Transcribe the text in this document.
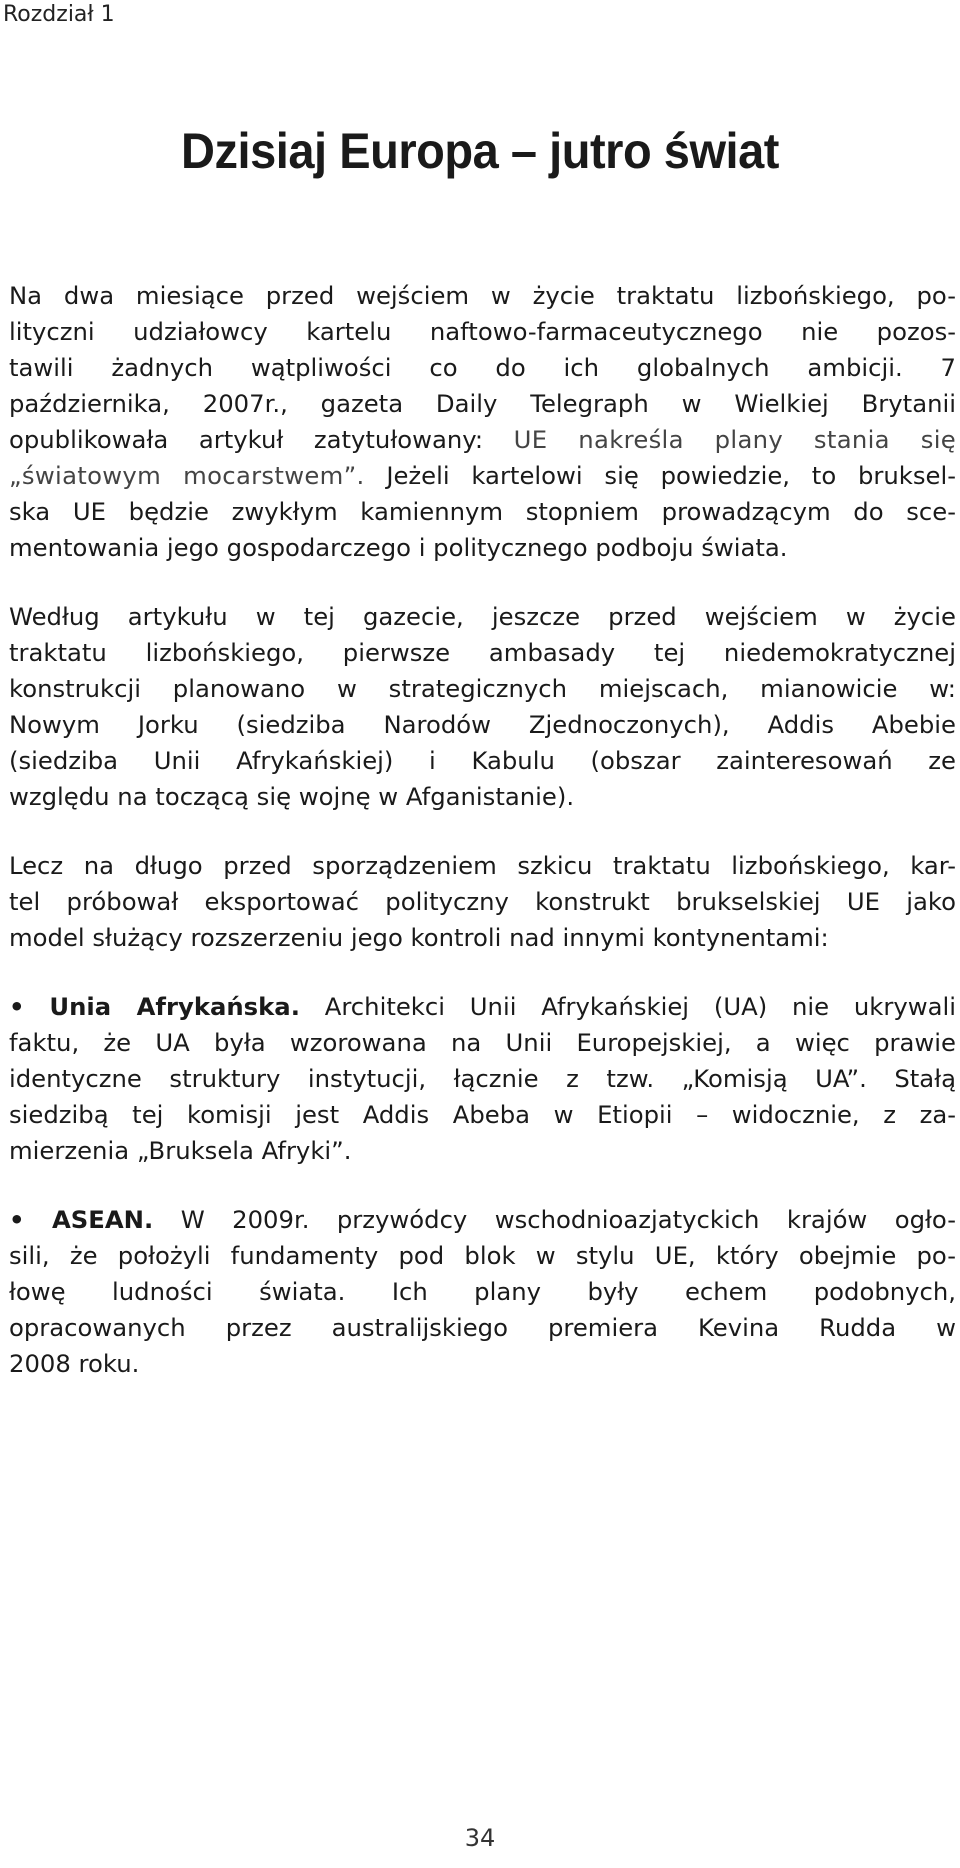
Rozdział 1
Dzisiaj Europa – jutro świat

Na dwa miesiące przed wejściem w życie traktatu lizbońskiego, po-
lityczni udziałowcy kartelu naftowo-farmaceutycznego nie pozos-
tawili żadnych wątpliwości co do ich globalnych ambicji. 7
października, 2007r., gazeta Daily Telegraph w Wielkiej Brytanii
opublikowała artykuł zatytułowany: UE nakreśla plany stania się
„światowym mocarstwem”. Jeżeli kartelowi się powiedzie, to bruksel-
ska UE będzie zwykłym kamiennym stopniem prowadzącym do sce-
mentowania jego gospodarczego i politycznego podboju świata.

Według artykułu w tej gazecie, jeszcze przed wejściem w życie
traktatu lizbońskiego, pierwsze ambasady tej niedemokratycznej
konstrukcji planowano w strategicznych miejscach, mianowicie w:
Nowym Jorku (siedziba Narodów Zjednoczonych), Addis Abebie
(siedziba Unii Afrykańskiej) i Kabulu (obszar zainteresowań ze
względu na toczącą się wojnę w Afganistanie).

Lecz na długo przed sporządzeniem szkicu traktatu lizbońskiego, kar-
tel próbował eksportować polityczny konstrukt brukselskiej UE jako
model służący rozszerzeniu jego kontroli nad innymi kontynentami:

• Unia Afrykańska. Architekci Unii Afrykańskiej (UA) nie ukrywali
faktu, że UA była wzorowana na Unii Europejskiej, a więc prawie
identyczne struktury instytucji, łącznie z tzw. „Komisją UA”. Stałą
siedzibą tej komisji jest Addis Abeba w Etiopii – widocznie, z za-
mierzenia „Bruksela Afryki”.

• ASEAN. W 2009r. przywódcy wschodnioazjatyckich krajów ogło-
sili, że położyli fundamenty pod blok w stylu UE, który obejmie po-
łowę ludności świata. Ich plany były echem podobnych,
opracowanych przez australijskiego premiera Kevina Rudda w
2008 roku.

34
